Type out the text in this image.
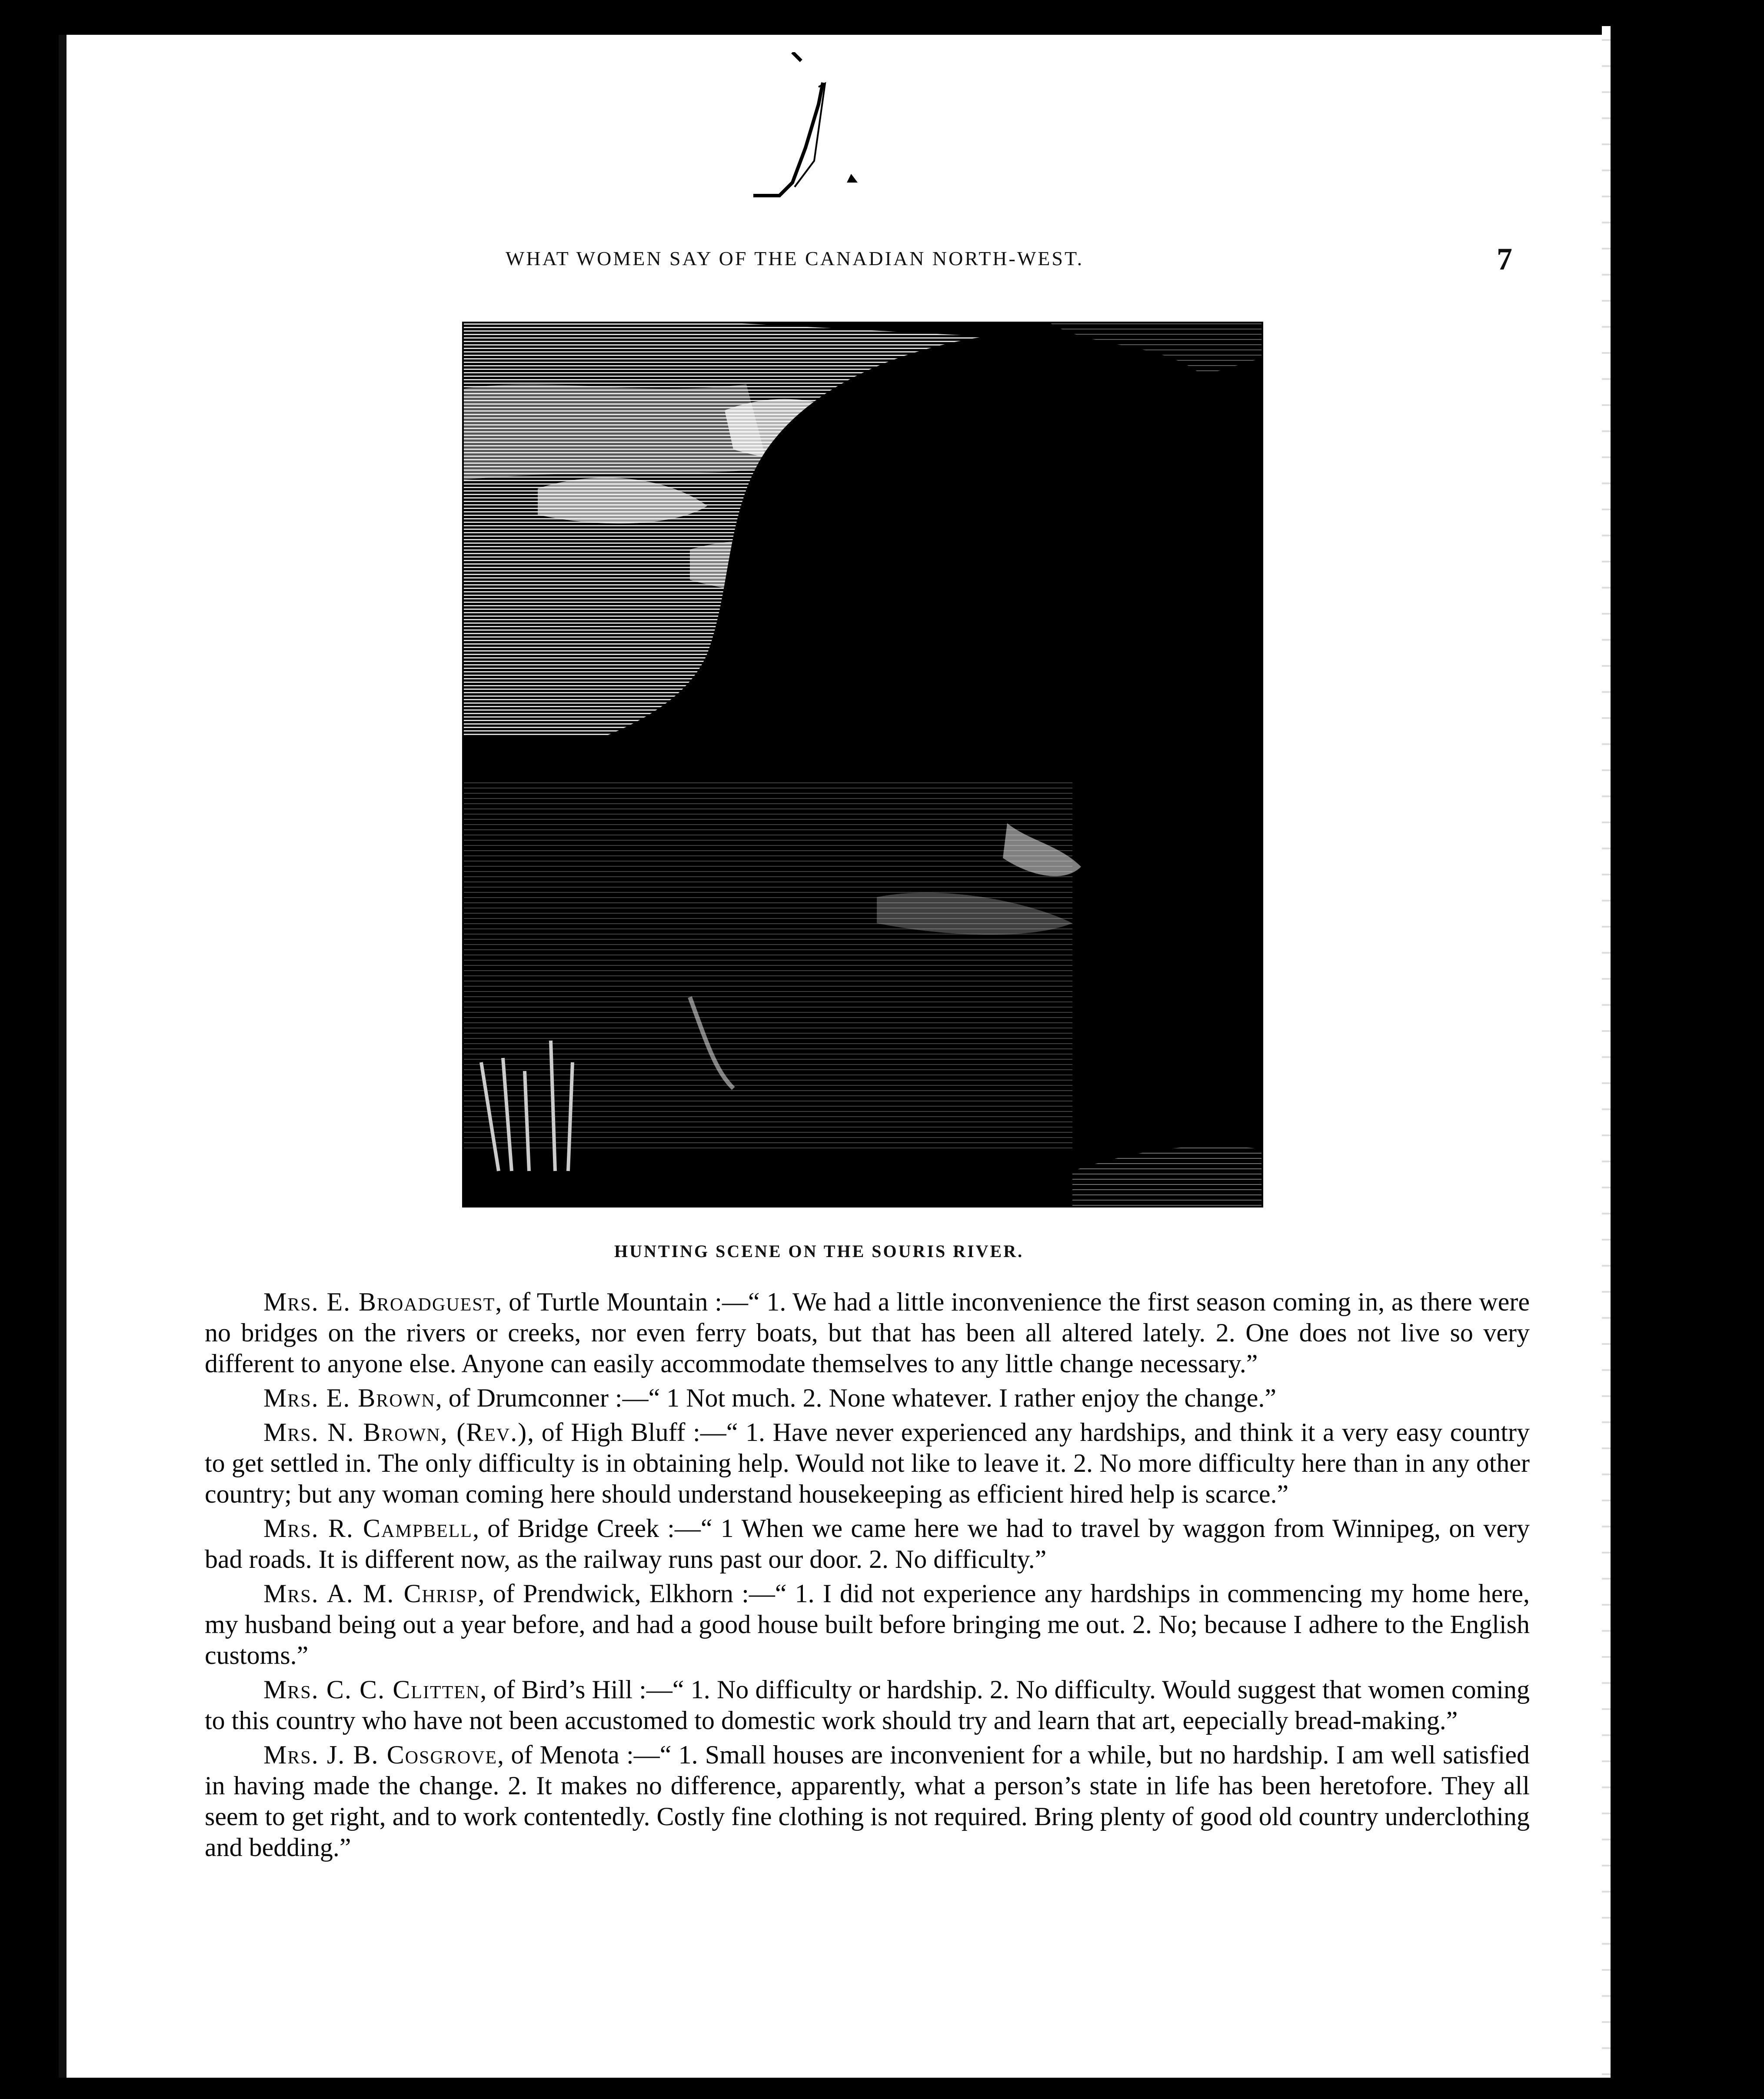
WHAT WOMEN SAY OF THE CANADIAN NORTH-WEST.	7
HUNTING SCENE ON THE SOURIS RIVER.

Mrs. E. Broadguest, of Turtle Mountain :—“ 1. We had a little inconvenience the first season coming in, as there were no bridges on the rivers or creeks, nor even ferry boats, but that has been all altered lately. 2. One does not live so very different to anyone else. Anyone can easily accommodate themselves to any little change necessary.”

Mrs. E. Brown, of Drumconner :—“ 1 Not much. 2. None whatever. I rather enjoy the change.”

Mrs. N. Brown, (Rev.), of High Bluff :—“ 1. Have never experienced any hardships, and think it a very easy country to get settled in. The only difficulty is in obtaining help. Would not like to leave it. 2. No more difficulty here than in any other country; but any woman coming here should understand housekeeping as efficient hired help is scarce.”

Mrs. R. Campbell, of Bridge Creek :—“ 1 When we came here we had to travel by waggon from Winnipeg, on very bad roads. It is different now, as the railway runs past our door. 2. No difficulty.”

Mrs. A. M. Chrisp, of Prendwick, Elkhorn :—“ 1. I did not experience any hardships in commencing my home here, my husband being out a year before, and had a good house built before bringing me out. 2. No; because I adhere to the English customs.”

Mrs. C. C. Clitten, of Bird’s Hill :—“ 1. No difficulty or hardship. 2. No difficulty. Would suggest that women coming to this country who have not been accustomed to domestic work should try and learn that art, eepecially bread-making.”

Mrs. J. B. Cosgrove, of Menota :—“ 1. Small houses are inconvenient for a while, but no hardship. I am well satisfied in having made the change. 2. It makes no difference, apparently, what a person’s state in life has been heretofore. They all seem to get right, and to work contentedly. Costly fine clothing is not required. Bring plenty of good old country underclothing and bedding.”
